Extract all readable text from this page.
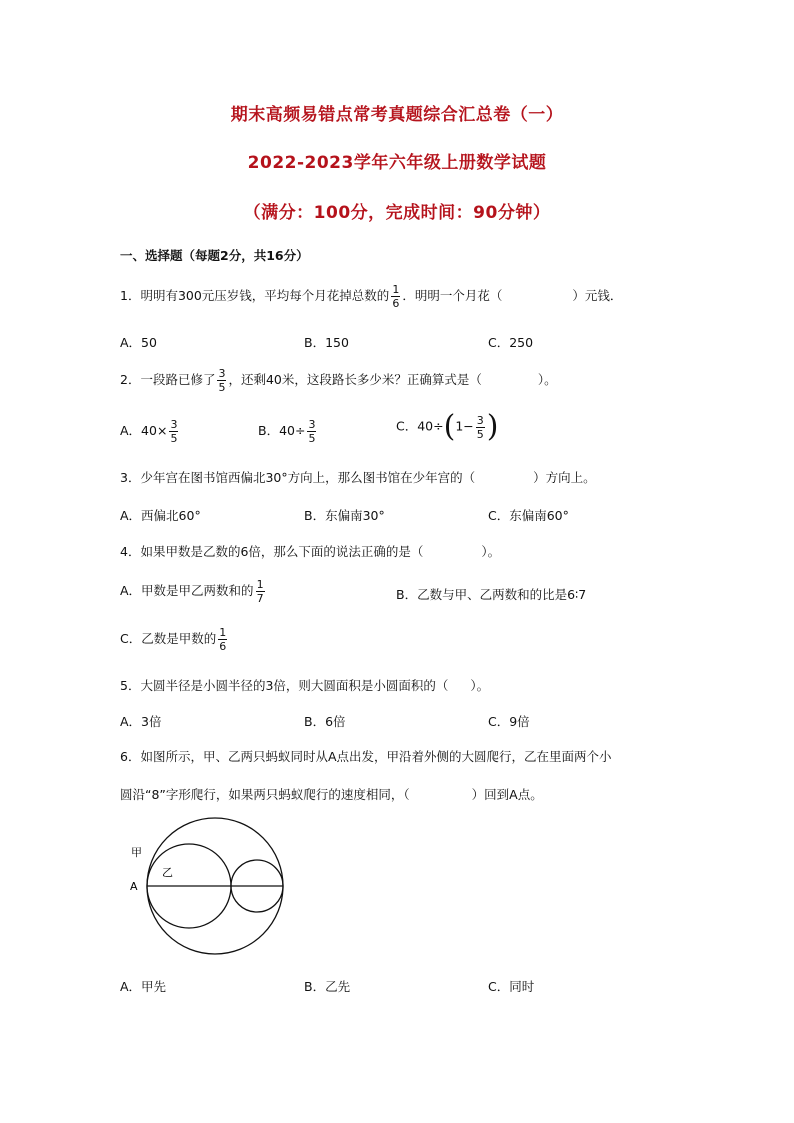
期末高频易错点常考真题综合汇总卷（一）
2022-2023学年六年级上册数学试题
（满分：100分，完成时间：90分钟）
一、选择题（每题2分，共16分）
1．明明有300元压岁钱，平均每个月花掉总数的 $\frac{1}{6}$ ．明明一个月花（	）元钱．
A．50	B．150	C．250
2．一段路已修了 $\frac{3}{5}$ ，还剩40米，这段路长多少米？正确算式是（	）。
A．$40\times \frac{3}{5}$	B．$40\div \frac{3}{5}$	C．$40\div(1- \frac{3}{5}$ )
3．少年宫在图书馆西偏北30°方向上，那么图书馆在少年宫的（	）方向上。
A．西偏北60°	B．东偏南30°	C．东偏南60°
4．如果甲数是乙数的6倍，那么下面的说法正确的是（	）。
A．甲数是甲乙两数和的 $\frac{1}{7}$	B．乙数与甲、乙两数和的比是6∶7
C．乙数是甲数的 $\frac{1}{6}$
5．大圆半径是小圆半径的3倍，则大圆面积是小圆面积的（ ）。
A．3倍	B．6倍	C．9倍
6．如图所示，甲、乙两只蚂蚁同时从A点出发，甲沿着外侧的大圆爬行，乙在里面两个小
圆沿“8”字形爬行，如果两只蚂蚁爬行的速度相同，（	）回到A点。
甲
乙
A
A．甲先	B．乙先	C．同时
